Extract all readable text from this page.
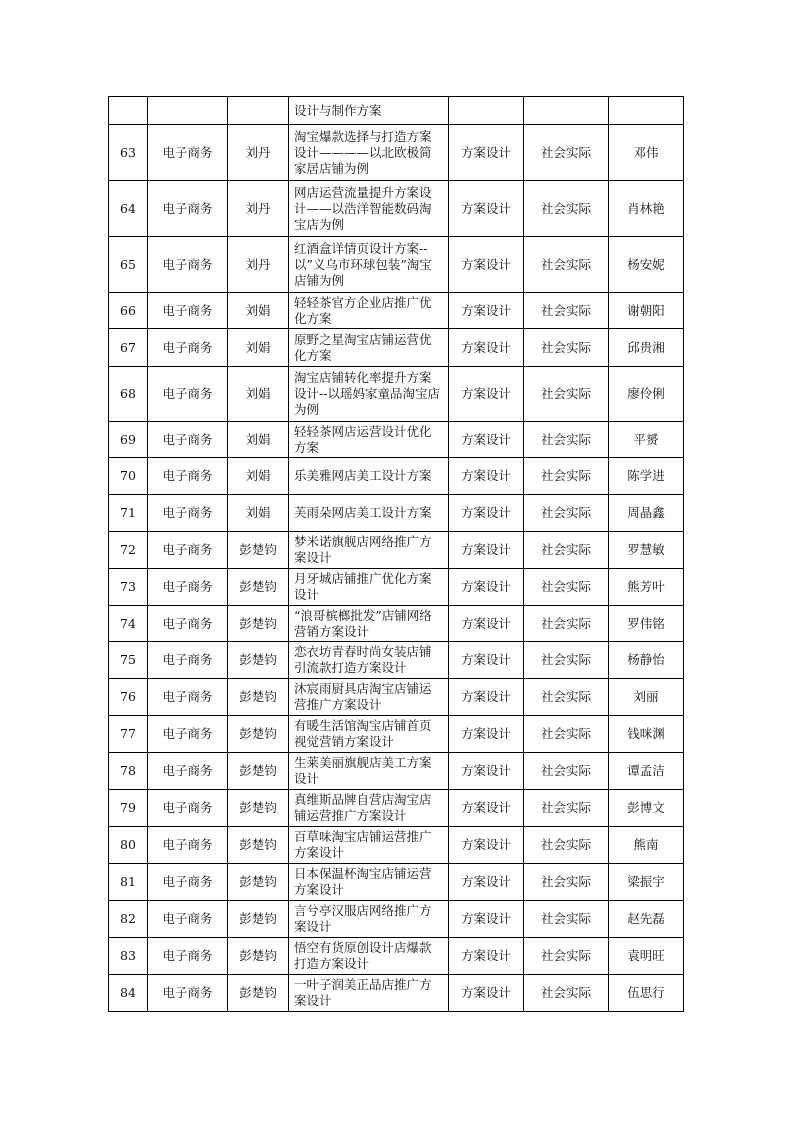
			设计与制作方案			
63	电子商务	刘丹	淘宝爆款选择与打造方案设计————以北欧极简家居店铺为例	方案设计	社会实际	邓伟
64	电子商务	刘丹	网店运营流量提升方案设计——以浩洋智能数码淘宝店为例	方案设计	社会实际	肖林艳
65	电子商务	刘丹	红酒盒详情页设计方案--以”义乌市环球包装”淘宝店铺为例	方案设计	社会实际	杨安妮
66	电子商务	刘娟	轻轻茶官方企业店推广优化方案	方案设计	社会实际	谢朝阳
67	电子商务	刘娟	原野之星淘宝店铺运营优化方案	方案设计	社会实际	邱贵湘
68	电子商务	刘娟	淘宝店铺转化率提升方案设计--以瑶妈家童品淘宝店为例	方案设计	社会实际	廖伶俐
69	电子商务	刘娟	轻轻茶网店运营设计优化方案	方案设计	社会实际	平赟
70	电子商务	刘娟	乐美雅网店美工设计方案	方案设计	社会实际	陈学进
71	电子商务	刘娟	芙雨朵网店美工设计方案	方案设计	社会实际	周晶鑫
72	电子商务	彭楚钧	梦米诺旗舰店网络推广方案设计	方案设计	社会实际	罗慧敏
73	电子商务	彭楚钧	月牙城店铺推广优化方案设计	方案设计	社会实际	熊芳叶
74	电子商务	彭楚钧	“浪哥槟榔批发”店铺网络营销方案设计	方案设计	社会实际	罗伟铭
75	电子商务	彭楚钧	恋衣坊青春时尚女装店铺引流款打造方案设计	方案设计	社会实际	杨静怡
76	电子商务	彭楚钧	沐宸雨厨具店淘宝店铺运营推广方案设计	方案设计	社会实际	刘丽
77	电子商务	彭楚钧	有暖生活馆淘宝店铺首页视觉营销方案设计	方案设计	社会实际	钱咪渊
78	电子商务	彭楚钧	生莱美丽旗舰店美工方案设计	方案设计	社会实际	谭孟洁
79	电子商务	彭楚钧	真维斯品牌自营店淘宝店铺运营推广方案设计	方案设计	社会实际	彭博文
80	电子商务	彭楚钧	百草味淘宝店铺运营推广方案设计	方案设计	社会实际	熊南
81	电子商务	彭楚钧	日本保温杯淘宝店铺运营方案设计	方案设计	社会实际	梁振宇
82	电子商务	彭楚钧	言兮亭汉服店网络推广方案设计	方案设计	社会实际	赵先磊
83	电子商务	彭楚钧	悟空有货原创设计店爆款打造方案设计	方案设计	社会实际	袁明旺
84	电子商务	彭楚钧	一叶子润美正品店推广方案设计	方案设计	社会实际	伍思行
